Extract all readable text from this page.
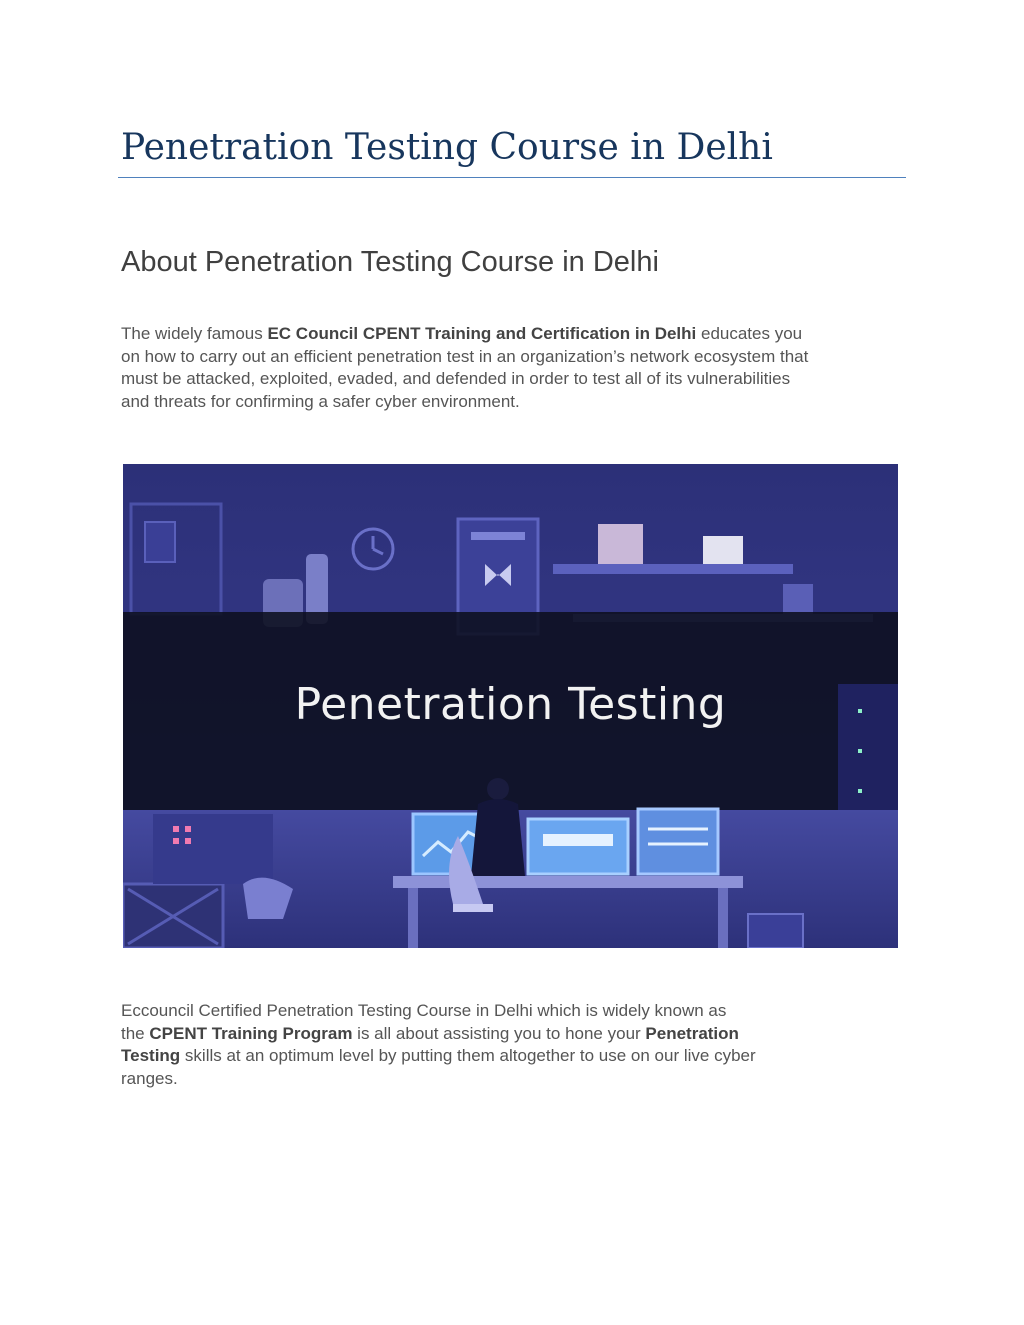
Penetration Testing Course in Delhi
About Penetration Testing Course in Delhi

The widely famous EC Council CPENT Training and Certification in Delhi educates you
on how to carry out an efficient penetration test in an organization’s network ecosystem that
must be attacked, exploited, evaded, and defended in order to test all of its vulnerabilities
and threats for confirming a safer cyber environment.

Penetration Testing

Eccouncil Certified Penetration Testing Course in Delhi which is widely known as
the CPENT Training Program is all about assisting you to hone your Penetration
Testing skills at an optimum level by putting them altogether to use on our live cyber
ranges.
